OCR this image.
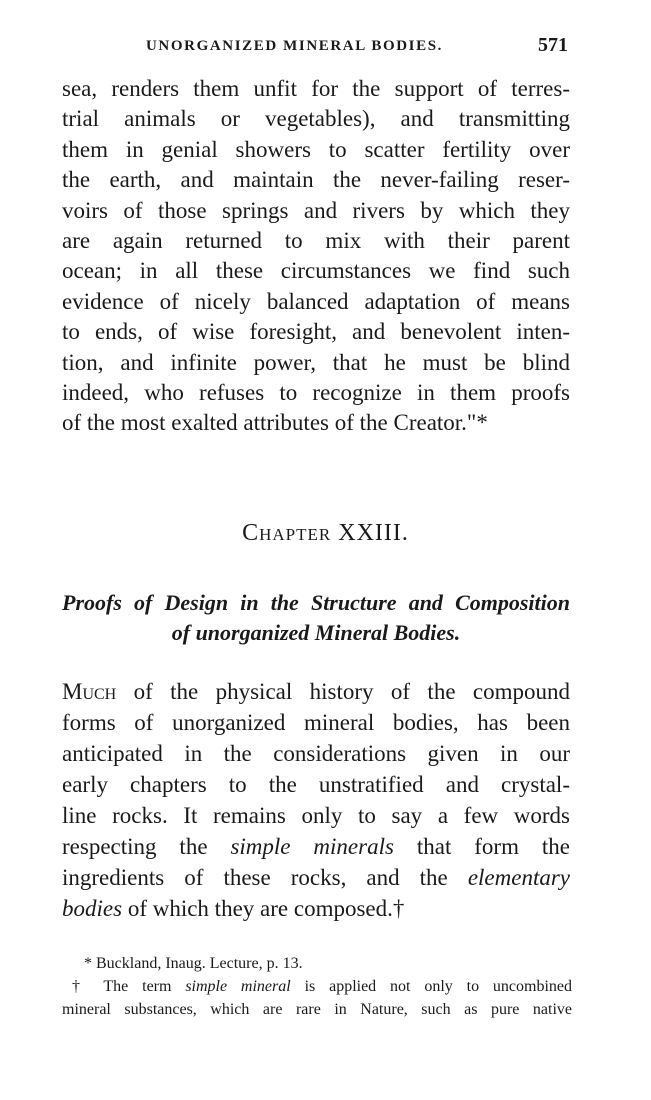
UNORGANIZED MINERAL BODIES.	571
sea, renders them unfit for the support of terres-
trial animals or vegetables), and transmitting
them in genial showers to scatter fertility over
the earth, and maintain the never-failing reser-
voirs of those springs and rivers by which they
are again returned to mix with their parent
ocean; in all these circumstances we find such
evidence of nicely balanced adaptation of means
to ends, of wise foresight, and benevolent inten-
tion, and infinite power, that he must be blind
indeed, who refuses to recognize in them proofs
of the most exalted attributes of the Creator."*
Chapter XXIII.
Proofs of Design in the Structure and Composition
of unorganized Mineral Bodies.
Much of the physical history of the compound
forms of unorganized mineral bodies, has been
anticipated in the considerations given in our
early chapters to the unstratified and crystal-
line rocks. It remains only to say a few words
respecting the simple minerals that form the
ingredients of these rocks, and the elementary
bodies of which they are composed.†
* Buckland, Inaug. Lecture, p. 13.
† The term simple mineral is applied not only to uncombined
mineral substances, which are rare in Nature, such as pure native
